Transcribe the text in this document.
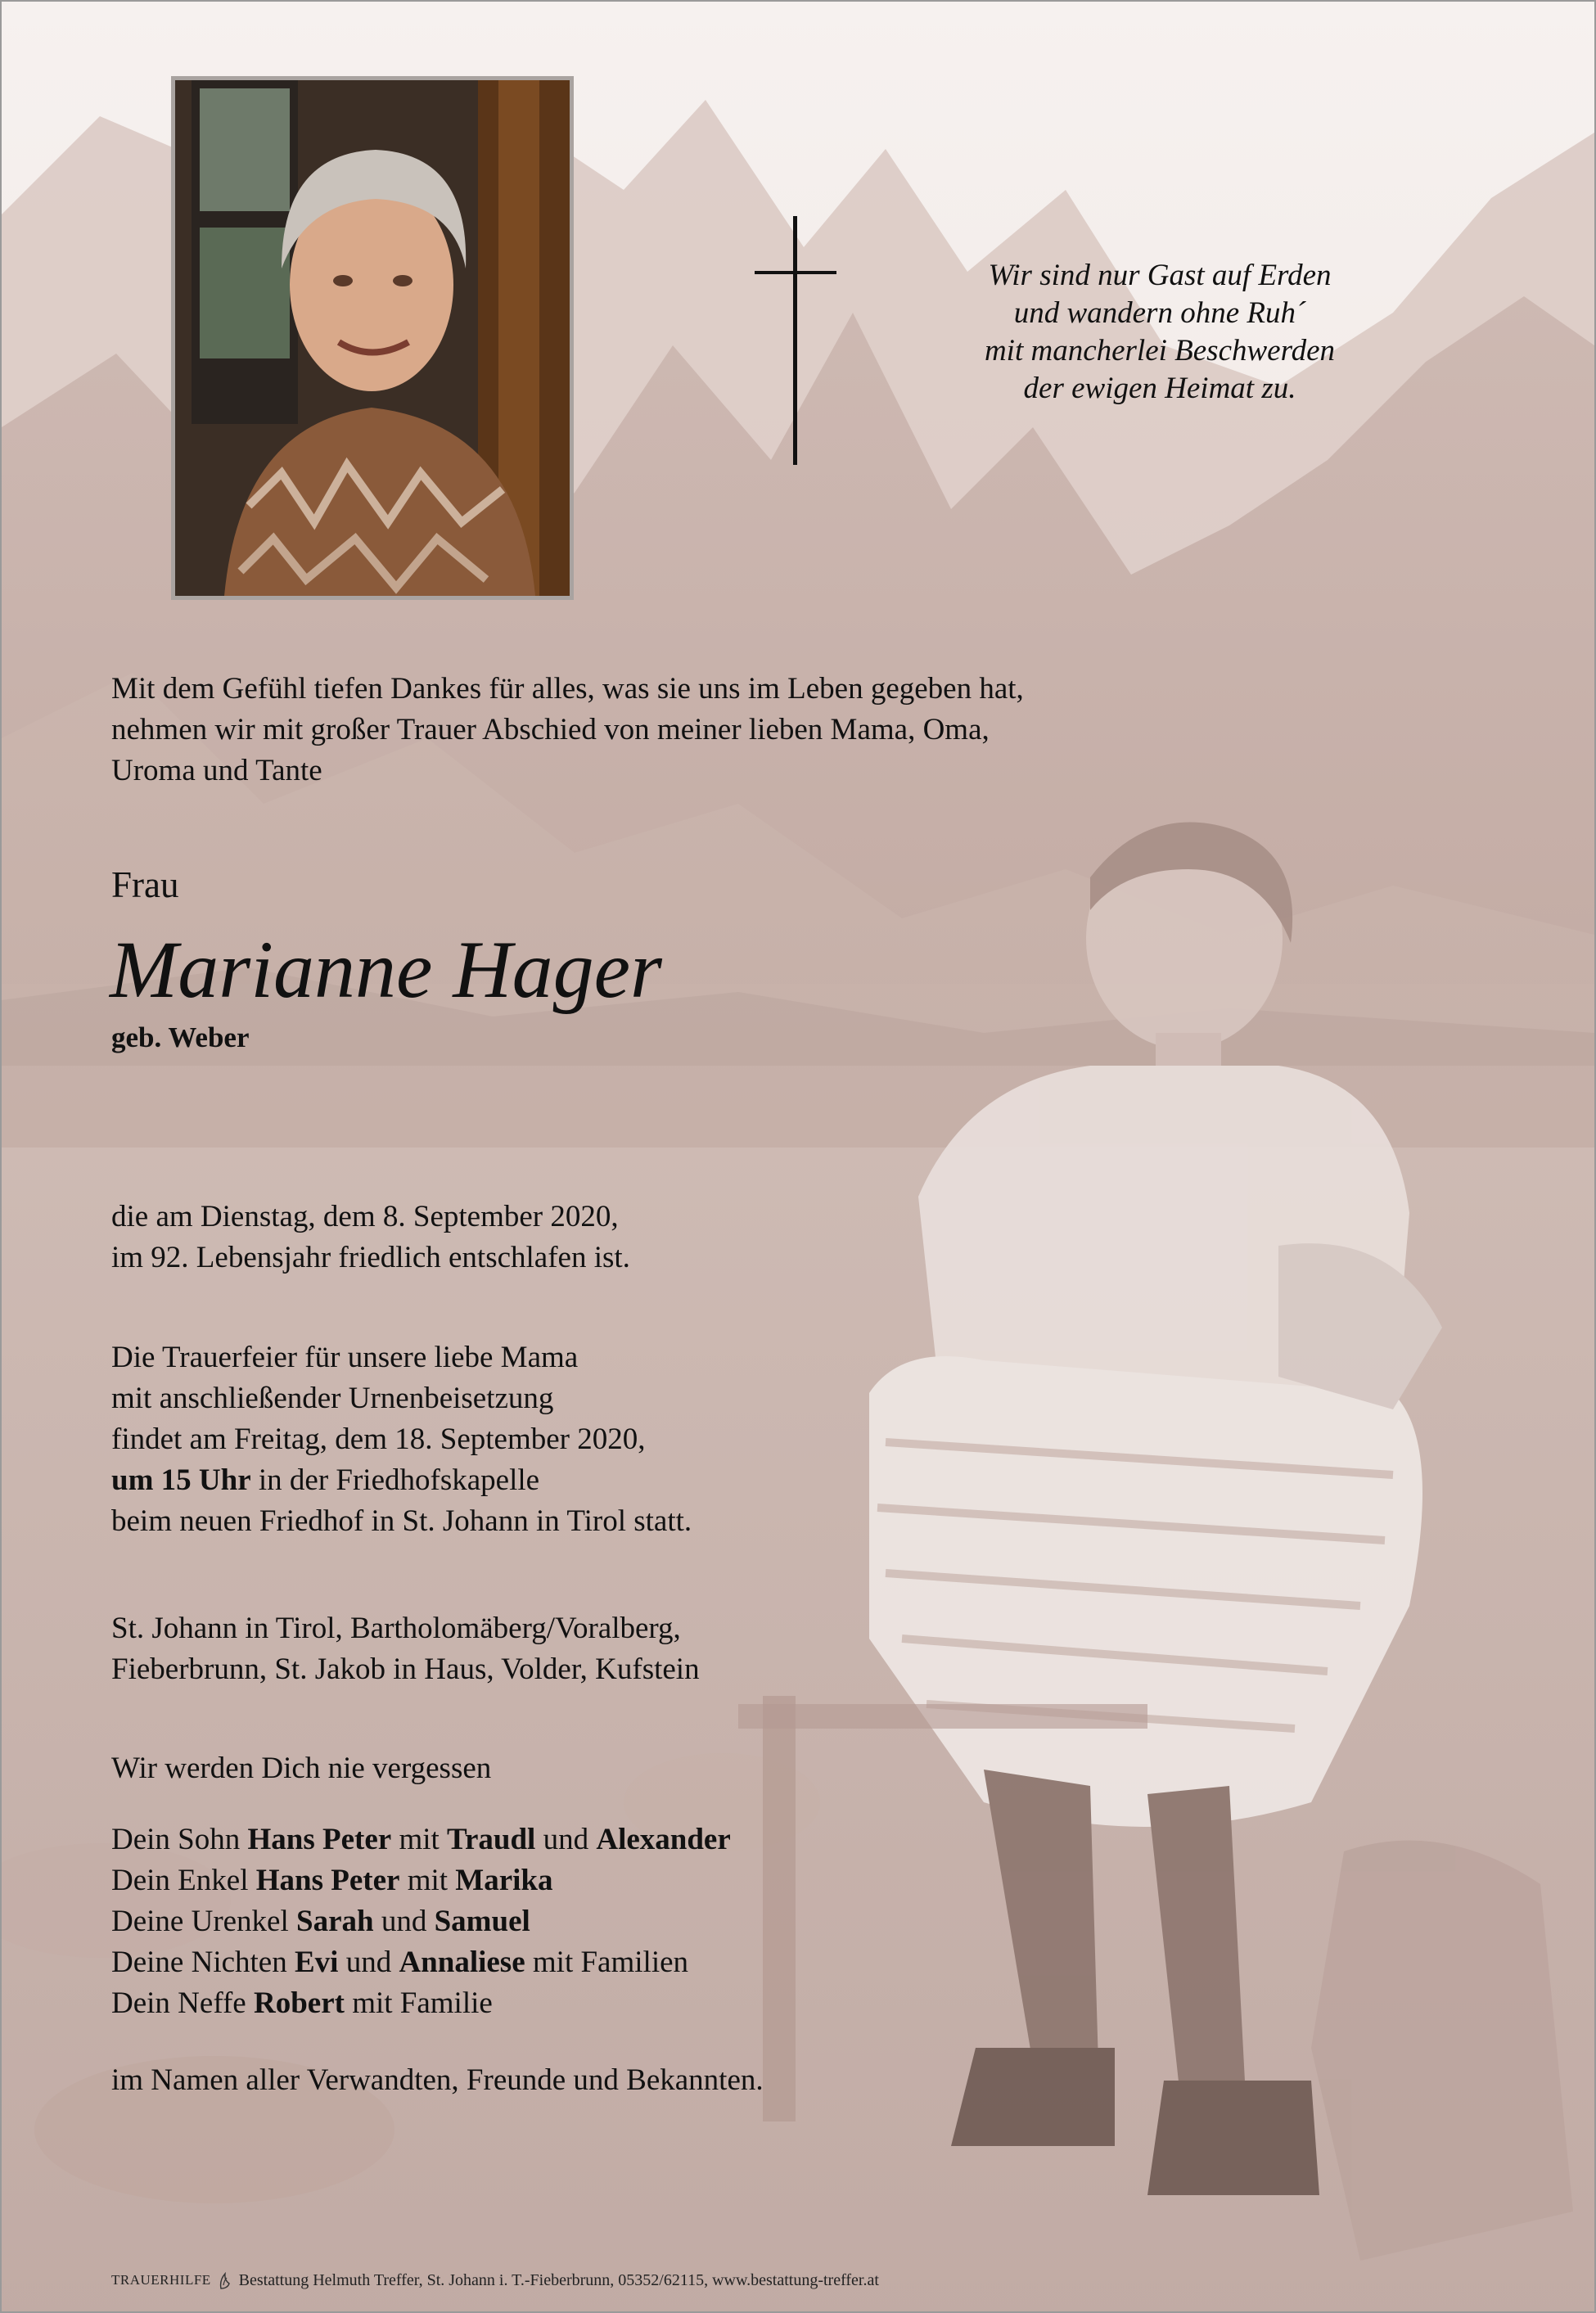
Wir sind nur Gast auf Erden
und wandern ohne Ruh´
mit mancherlei Beschwerden
der ewigen Heimat zu.
Mit dem Gefühl tiefen Dankes für alles, was sie uns im Leben gegeben hat,
nehmen wir mit großer Trauer Abschied von meiner lieben Mama, Oma,
Uroma und Tante
Frau
Marianne Hager
geb. Weber
die am Dienstag, dem 8. September 2020,
im 92. Lebensjahr friedlich entschlafen ist.
Die Trauerfeier für unsere liebe Mama
mit anschließender Urnenbeisetzung
findet am Freitag, dem 18. September 2020,
um 15 Uhr in der Friedhofskapelle
beim neuen Friedhof in St. Johann in Tirol statt.
St. Johann in Tirol, Bartholomäberg/Voralberg,
Fieberbrunn, St. Jakob in Haus, Volder, Kufstein
Wir werden Dich nie vergessen
Dein Sohn Hans Peter mit Traudl und Alexander
Dein Enkel Hans Peter mit Marika
Deine Urenkel Sarah und Samuel
Deine Nichten Evi und Annaliese mit Familien
Dein Neffe Robert mit Familie
im Namen aller Verwandten, Freunde und Bekannten.
TRAUERHILFE Bestattung Helmuth Treffer, St. Johann i. T.-Fieberbrunn, 05352/62115, www.bestattung-treffer.at
